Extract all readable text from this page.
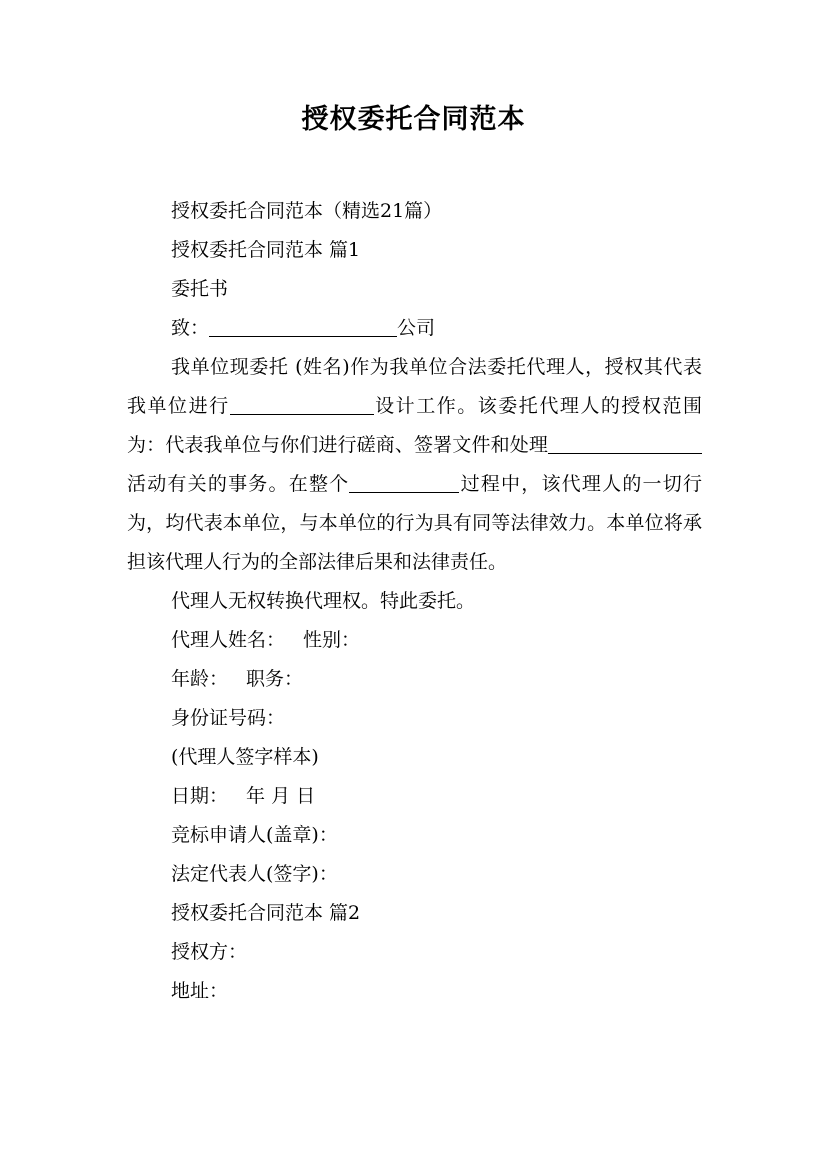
授权委托合同范本
授权委托合同范本（精选21篇）
授权委托合同范本 篇1
委托书
致：	公司
我单位现委托 (姓名)作为我单位合法委托代理人，授权其代表我单位进行	设计工作。该委托代理人的授权范围为：代表我单位与你们进行磋商、签署文件和处理活动有关的事务。在整个	过程中，该代理人的一切行为，均代表本单位，与本单位的行为具有同等法律效力。本单位将承担该代理人行为的全部法律后果和法律责任。
代理人无权转换代理权。特此委托。
代理人姓名： 性别：
年龄： 职务：
身份证号码：
(代理人签字样本)
日期： 年 月 日
竞标申请人(盖章)：
法定代表人(签字)：
授权委托合同范本 篇2
授权方：
地址：
